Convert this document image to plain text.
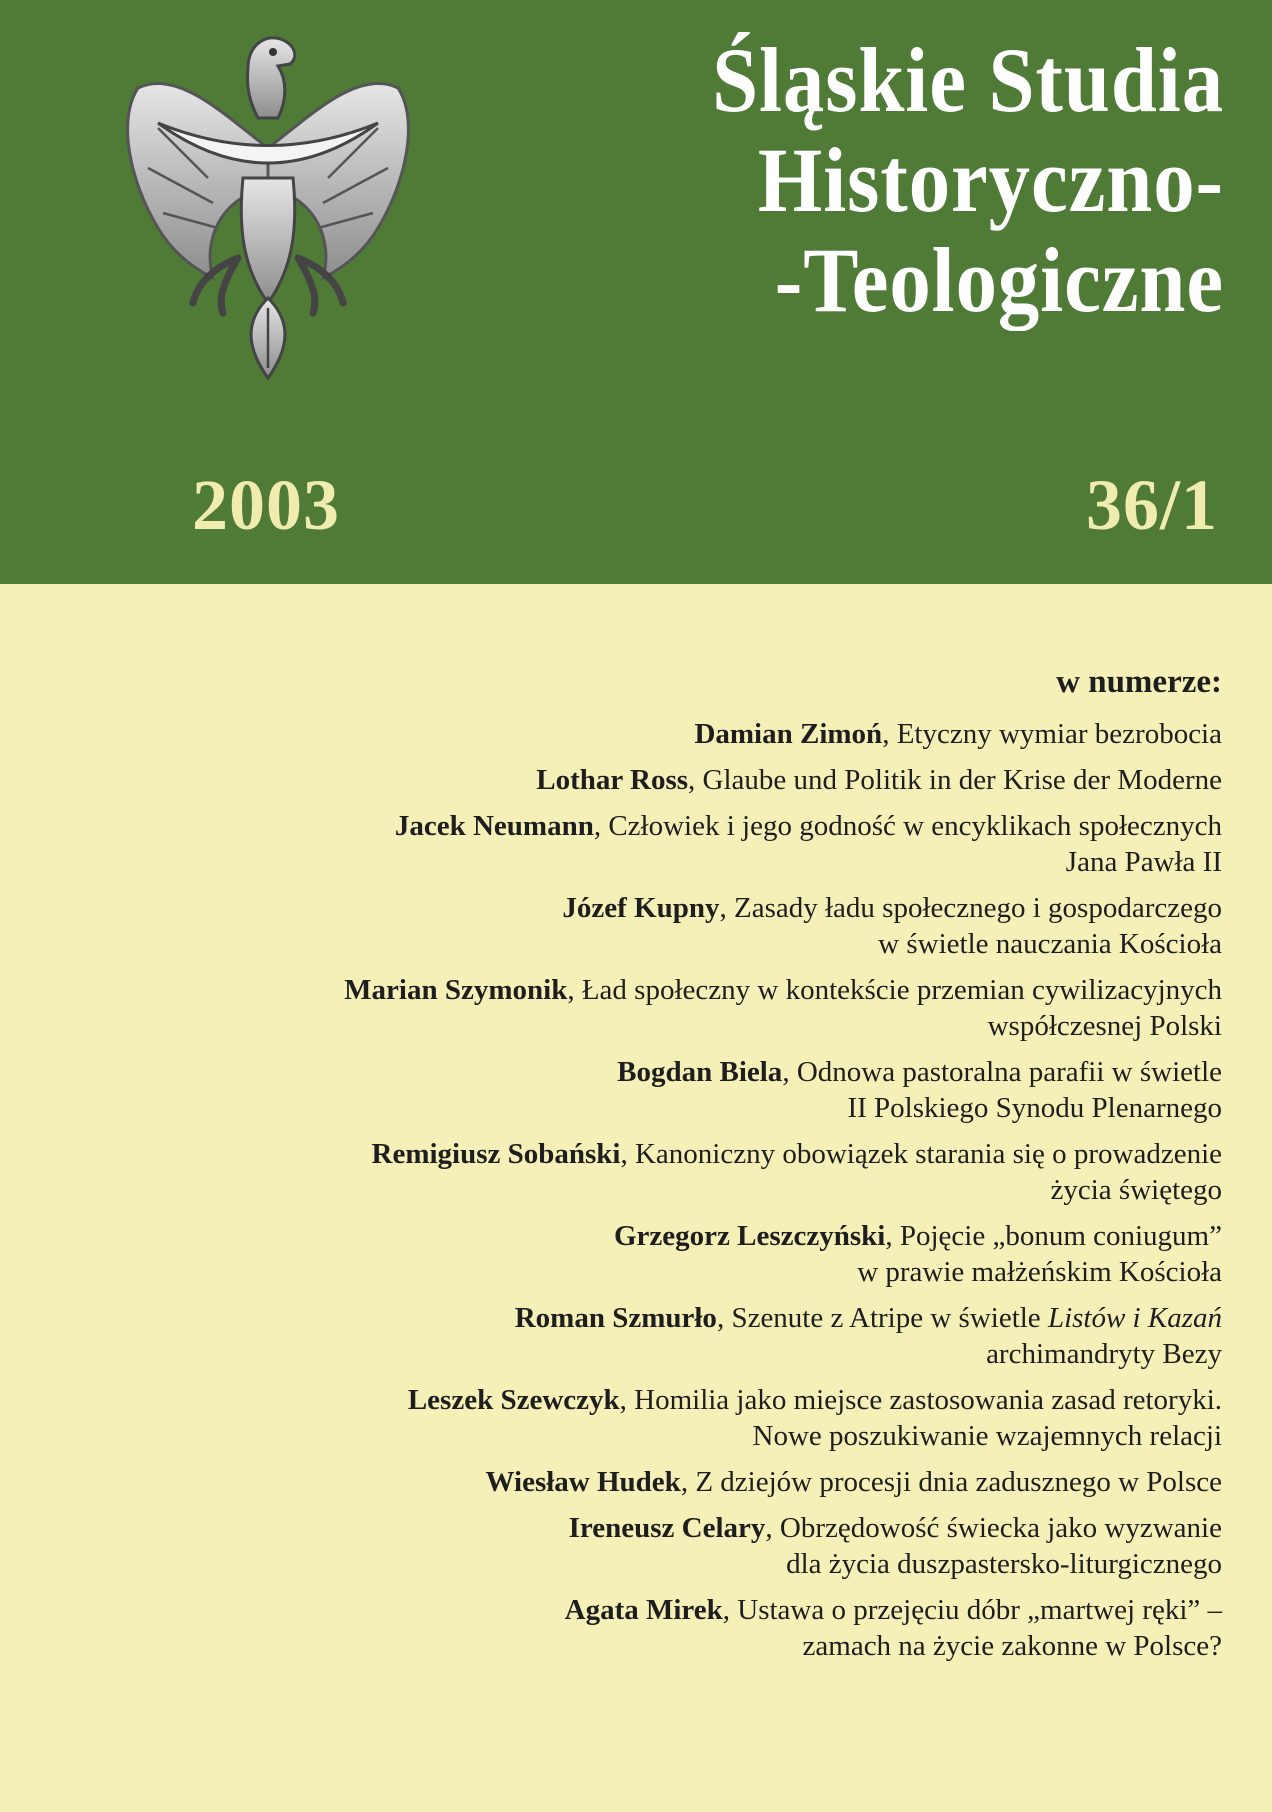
Śląskie Studia
Historyczno-
-Teologiczne
2003	36/1
w numerze:
Damian Zimoń, Etyczny wymiar bezrobocia
Lothar Ross, Glaube und Politik in der Krise der Moderne
Jacek Neumann, Człowiek i jego godność w encyklikach społecznych
Jana Pawła II
Józef Kupny, Zasady ładu społecznego i gospodarczego
w świetle nauczania Kościoła
Marian Szymonik, Ład społeczny w kontekście przemian cywilizacyjnych
współczesnej Polski
Bogdan Biela, Odnowa pastoralna parafii w świetle
II Polskiego Synodu Plenarnego
Remigiusz Sobański, Kanoniczny obowiązek starania się o prowadzenie
życia świętego
Grzegorz Leszczyński, Pojęcie „bonum coniugum”
w prawie małżeńskim Kościoła
Roman Szmurło, Szenute z Atripe w świetle Listów i Kazań
archimandryty Bezy
Leszek Szewczyk, Homilia jako miejsce zastosowania zasad retoryki.
Nowe poszukiwanie wzajemnych relacji
Wiesław Hudek, Z dziejów procesji dnia zadusznego w Polsce
Ireneusz Celary, Obrzędowość świecka jako wyzwanie
dla życia duszpastersko-liturgicznego
Agata Mirek, Ustawa o przejęciu dóbr „martwej ręki” –
zamach na życie zakonne w Polsce?
